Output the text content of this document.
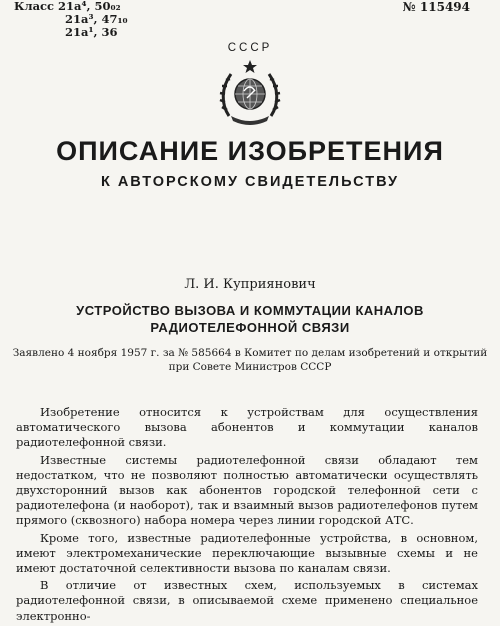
Класс 21a⁴, 50₀₂
21a³, 47₁₀
21a¹, 36
№ 115494
СССР
ОПИСАНИЕ ИЗОБРЕТЕНИЯ
К АВТОРСКОМУ СВИДЕТЕЛЬСТВУ
Л. И. Куприянович
УСТРОЙСТВО ВЫЗОВА И КОММУТАЦИИ КАНАЛОВ
РАДИОТЕЛЕФОННОЙ СВЯЗИ
Заявлено 4 ноября 1957 г. за № 585664 в Комитет по делам изобретений и открытий
при Совете Министров СССР

Изобретение относится к устройствам для осуществления автоматического вызова абонентов и коммутации каналов радиотелефонной связи.

Известные системы радиотелефонной связи обладают тем недостатком, что не позволяют полностью автоматически осуществлять двухсторонний вызов как абонентов городской телефонной сети с радиотелефона (и наоборот), так и взаимный вызов радиотелефонов путем прямого (сквозного) набора номера через линии городской АТС.

Кроме того, известные радиотелефонные устройства, в основном, имеют электромеханические переключающие вызывные схемы и не имеют достаточной селективности вызова по каналам связи.

В отличие от известных схем, используемых в системах радиотелефонной связи, в описываемой схеме применено специальное электронно-
